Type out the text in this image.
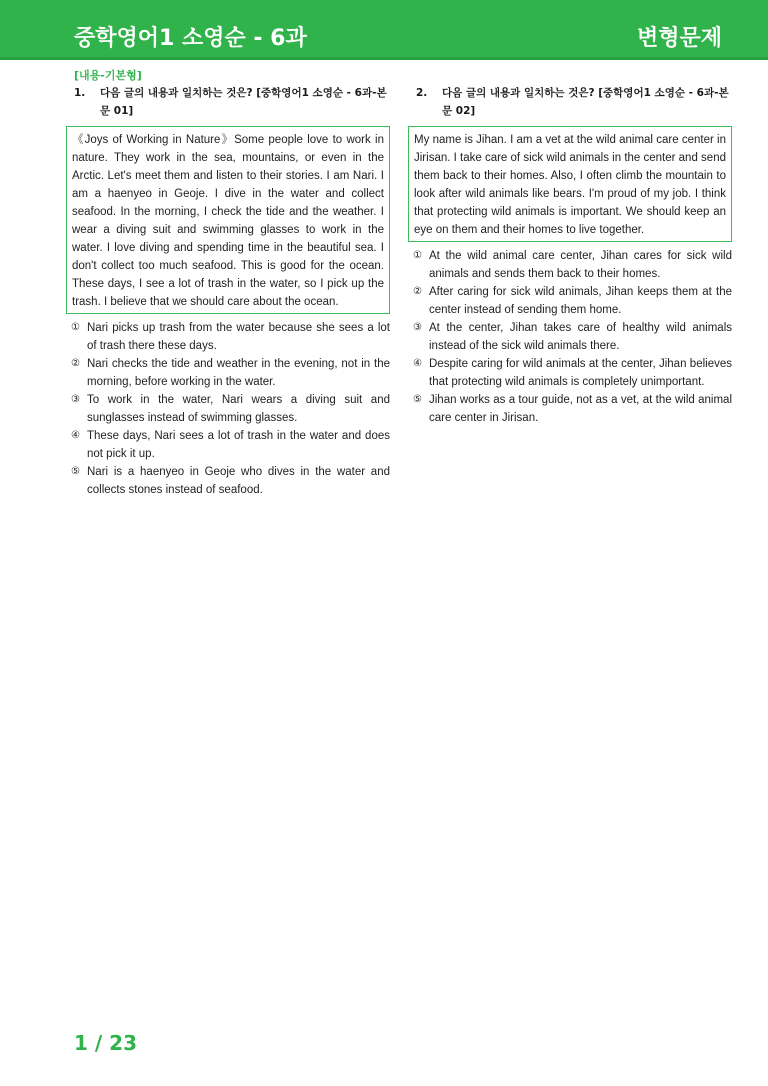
중학영어1 소영순 - 6과	변형문제
[내용-기본형]
1.	다음 글의 내용과 일치하는 것은? [중학영어1 소영순 - 6과-본문 01]
《Joys of Working in Nature》Some people love to work in nature. They work in the sea, mountains, or even in the Arctic. Let's meet them and listen to their stories. I am Nari. I am a haenyeo in Geoje. I dive in the water and collect seafood. In the morning, I check the tide and the weather. I wear a diving suit and swimming glasses to work in the water. I love diving and spending time in the beautiful sea. I don't collect too much seafood. This is good for the ocean. These days, I see a lot of trash in the water, so I pick up the trash. I believe that we should care about the ocean.
① Nari picks up trash from the water because she sees a lot of trash there these days.
② Nari checks the tide and weather in the evening, not in the morning, before working in the water.
③ To work in the water, Nari wears a diving suit and sunglasses instead of swimming glasses.
④ These days, Nari sees a lot of trash in the water and does not pick it up.
⑤ Nari is a haenyeo in Geoje who dives in the water and collects stones instead of seafood.
2.	다음 글의 내용과 일치하는 것은? [중학영어1 소영순 - 6과-본문 02]
My name is Jihan. I am a vet at the wild animal care center in Jirisan. I take care of sick wild animals in the center and send them back to their homes. Also, I often climb the mountain to look after wild animals like bears. I'm proud of my job. I think that protecting wild animals is important. We should keep an eye on them and their homes to live together.
① At the wild animal care center, Jihan cares for sick wild animals and sends them back to their homes.
② After caring for sick wild animals, Jihan keeps them at the center instead of sending them home.
③ At the center, Jihan takes care of healthy wild animals instead of the sick wild animals there.
④ Despite caring for wild animals at the center, Jihan believes that protecting wild animals is completely unimportant.
⑤ Jihan works as a tour guide, not as a vet, at the wild animal care center in Jirisan.
1 / 23
